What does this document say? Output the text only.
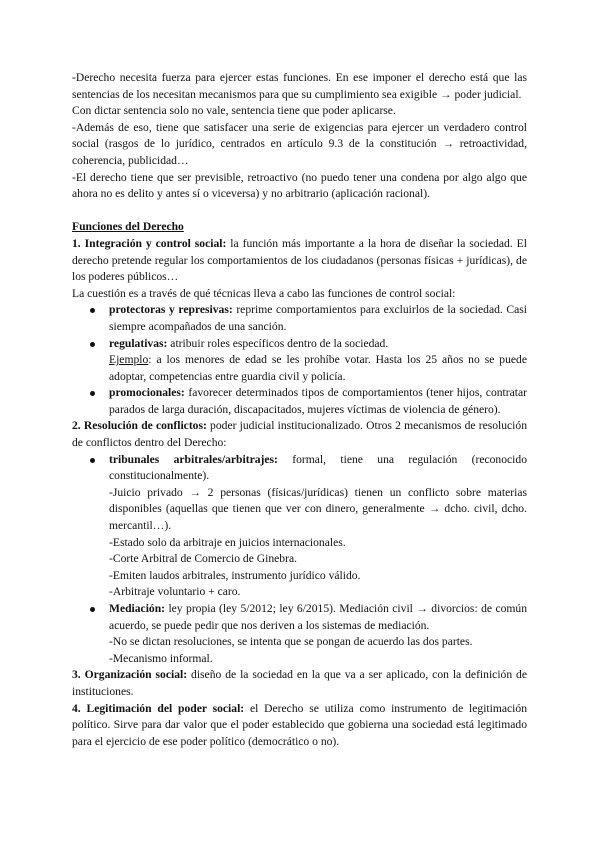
-Derecho necesita fuerza para ejercer estas funciones. En ese imponer el derecho está que las sentencias de los necesitan mecanismos para que su cumplimiento sea exigible → poder judicial.

Con dictar sentencia solo no vale, sentencia tiene que poder aplicarse.

-Además de eso, tiene que satisfacer una serie de exigencias para ejercer un verdadero control social (rasgos de lo jurídico, centrados en artículo 9.3 de la constitución → retroactividad, coherencia, publicidad…

-El derecho tiene que ser previsible, retroactivo (no puedo tener una condena por algo algo que ahora no es delito y antes sí o viceversa) y no arbitrario (aplicación racional).

Funciones del Derecho

1. Integración y control social: la función más importante a la hora de diseñar la sociedad. El derecho pretende regular los comportamientos de los ciudadanos (personas físicas + jurídicas), de los poderes públicos…

La cuestión es a través de qué técnicas lleva a cabo las funciones de control social:

protectoras y represivas: reprime comportamientos para excluirlos de la sociedad. Casi siempre acompañados de una sanción.
regulativas: atribuir roles específicos dentro de la sociedad.
Ejemplo: a los menores de edad se les prohíbe votar. Hasta los 25 años no se puede adoptar, competencias entre guardia civil y policía.
promocionales: favorecer determinados tipos de comportamientos (tener hijos, contratar parados de larga duración, discapacitados, mujeres víctimas de violencia de género).

2. Resolución de conflictos: poder judicial institucionalizado. Otros 2 mecanismos de resolución de conflictos dentro del Derecho:

tribunales arbitrales/arbitrajes: formal, tiene una regulación (reconocido constitucionalmente).

-Juicio privado → 2 personas (físicas/jurídicas) tienen un conflicto sobre materias disponibles (aquellas que tienen que ver con dinero, generalmente → dcho. civil, dcho. mercantil…).

-Estado solo da arbitraje en juicios internacionales.

-Corte Arbitral de Comercio de Ginebra.

-Emiten laudos arbitrales, instrumento jurídico válido.

-Arbitraje voluntario + caro.

Mediación: ley propia (ley 5/2012; ley 6/2015). Mediación civil → divorcios: de común acuerdo, se puede pedir que nos deriven a los sistemas de mediación.

-No se dictan resoluciones, se intenta que se pongan de acuerdo las dos partes.

-Mecanismo informal.

3. Organización social: diseño de la sociedad en la que va a ser aplicado, con la definición de instituciones.

4. Legitimación del poder social: el Derecho se utiliza como instrumento de legitimación político. Sirve para dar valor que el poder establecido que gobierna una sociedad está legitimado para el ejercicio de ese poder político (democrático o no).
